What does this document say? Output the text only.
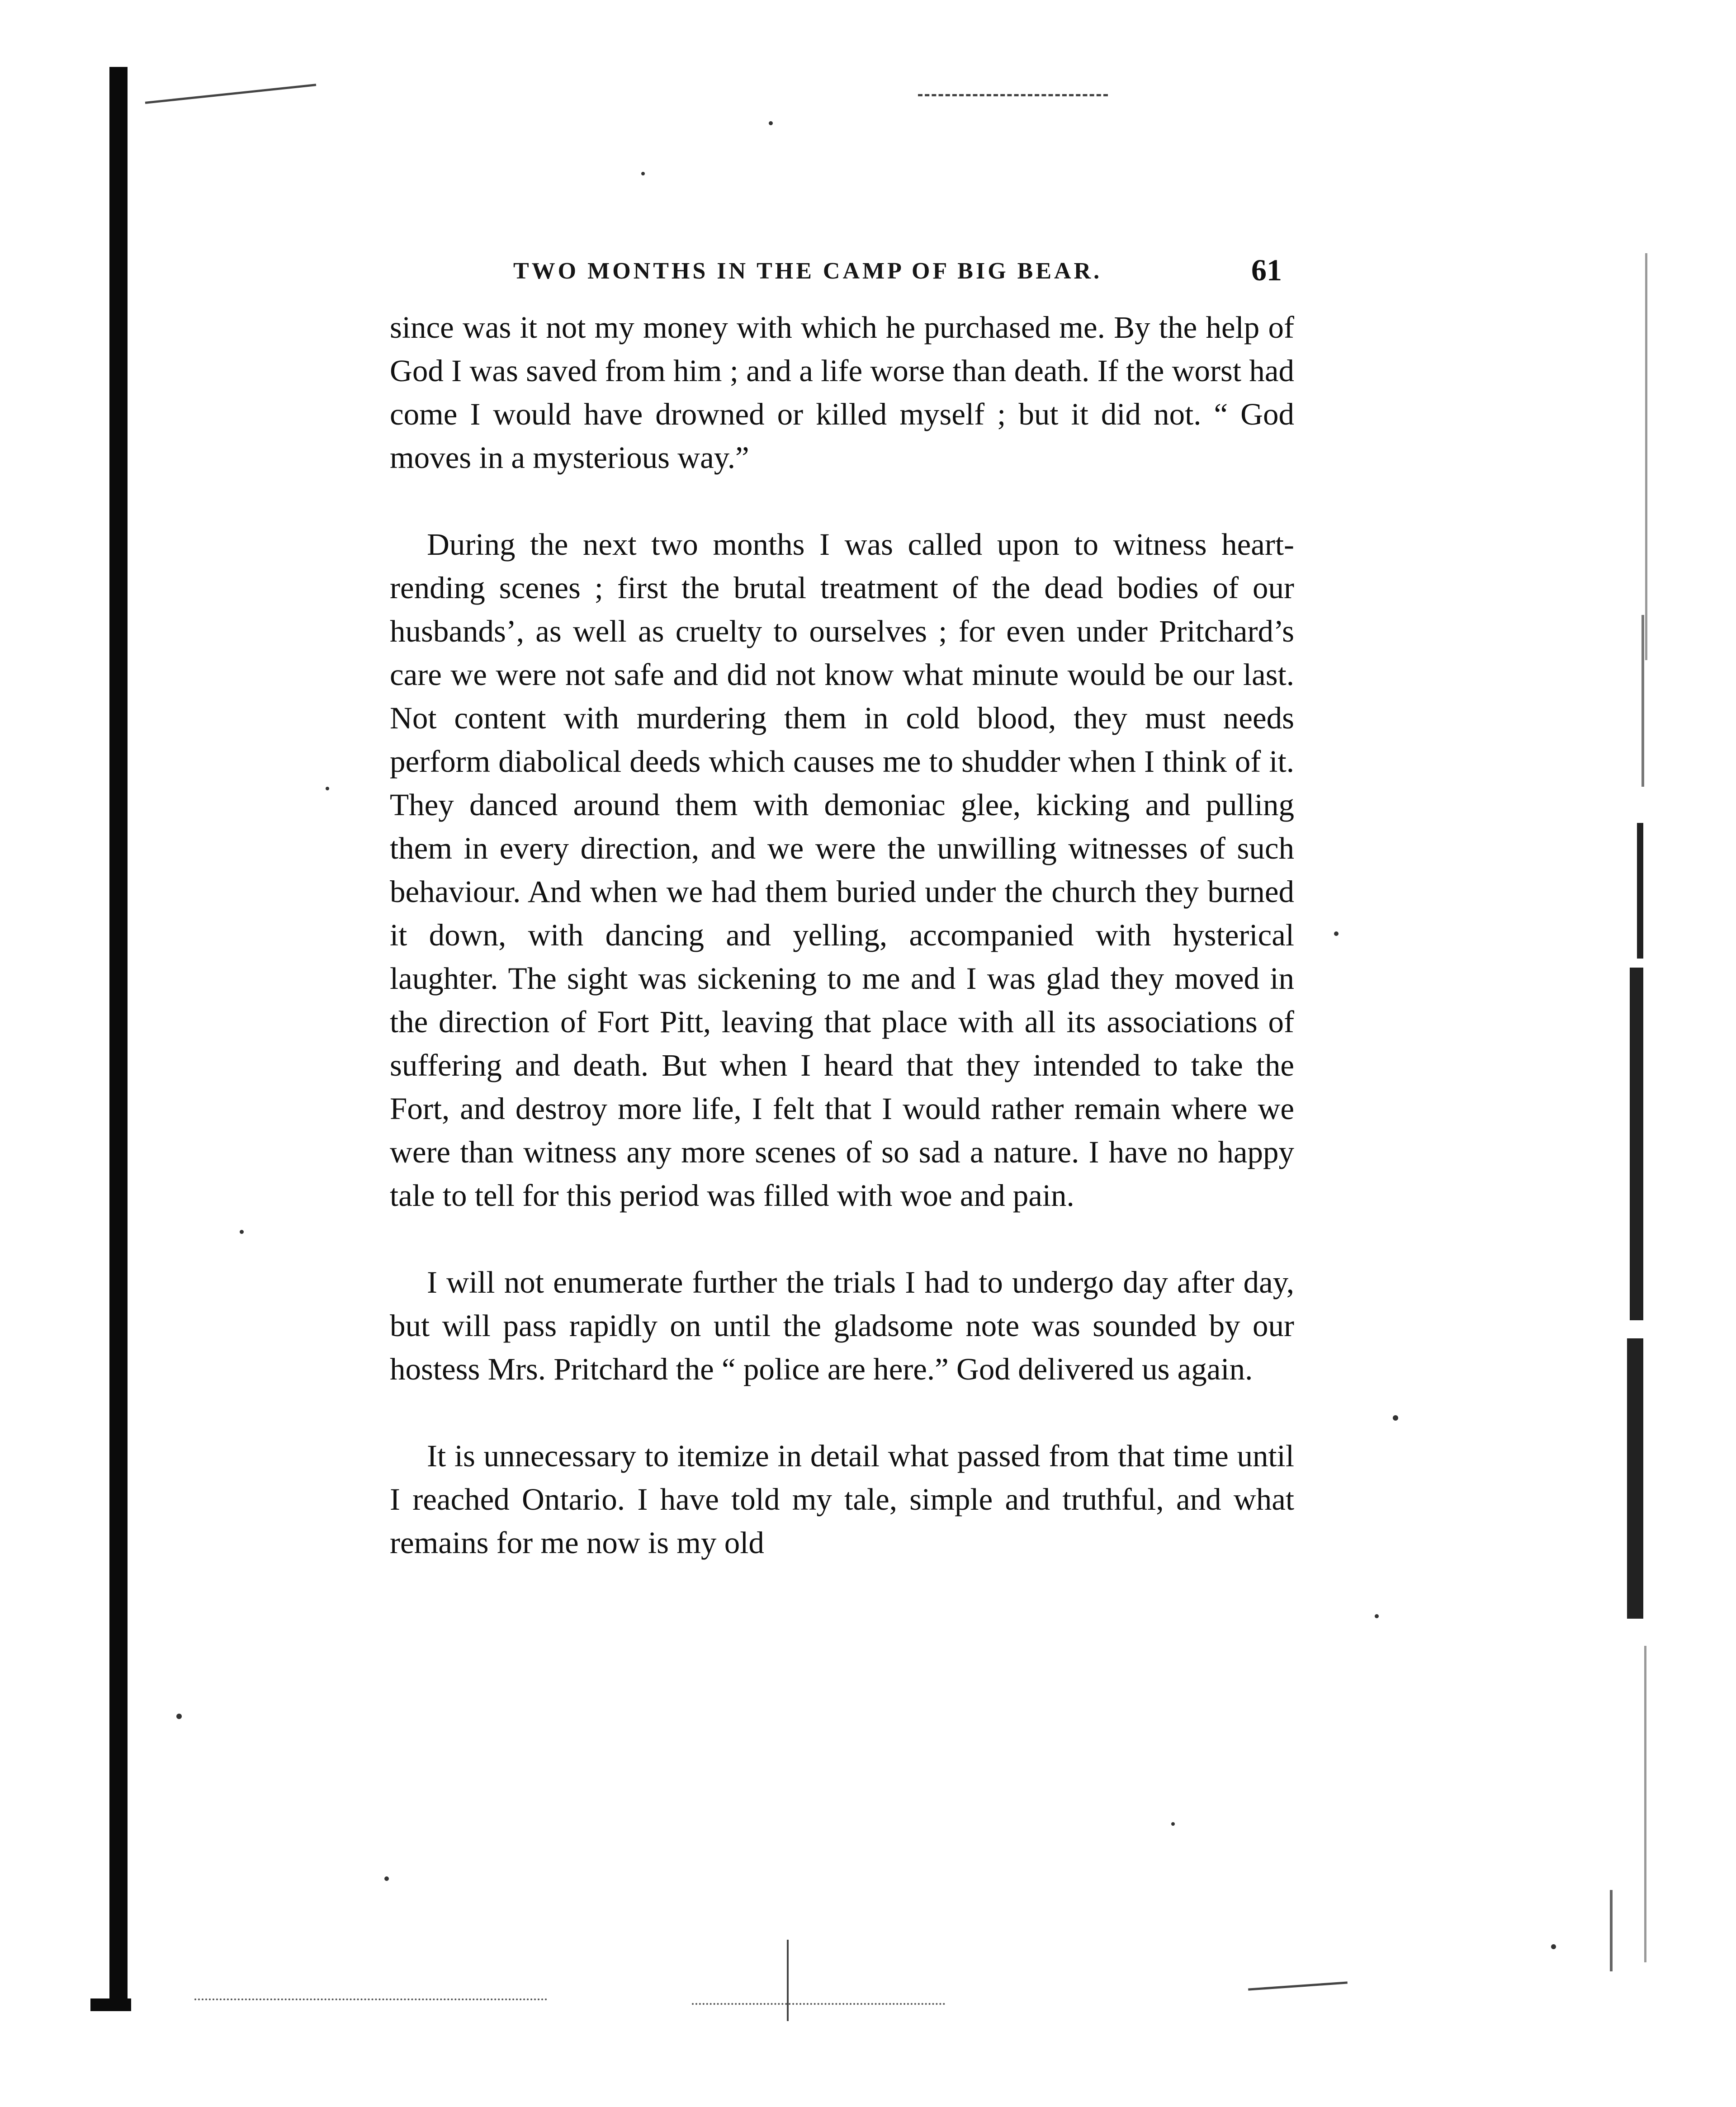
TWO MONTHS IN THE CAMP OF BIG BEAR.	61

since was it not my money with which he purchased me. By the help of God I was saved from him ; and a life worse than death. If the worst had come I would have drowned or killed myself ; but it did not. “ God moves in a mysterious way.”

During the next two months I was called upon to witness heart-rending scenes ; first the brutal treatment of the dead bodies of our husbands’, as well as cruelty to ourselves ; for even under Pritchard’s care we were not safe and did not know what minute would be our last. Not content with murdering them in cold blood, they must needs perform diabolical deeds which causes me to shudder when I think of it. They danced around them with demoniac glee, kicking and pulling them in every direction, and we were the unwilling witnesses of such behaviour. And when we had them buried under the church they burned it down, with dancing and yelling, accompanied with hysterical laughter. The sight was sickening to me and I was glad they moved in the direction of Fort Pitt, leaving that place with all its associations of suffering and death. But when I heard that they intended to take the Fort, and destroy more life, I felt that I would rather remain where we were than witness any more scenes of so sad a nature. I have no happy tale to tell for this period was filled with woe and pain.

I will not enumerate further the trials I had to undergo day after day, but will pass rapidly on until the gladsome note was sounded by our hostess Mrs. Pritchard the “ police are here.” God delivered us again.

It is unnecessary to itemize in detail what passed from that time until I reached Ontario. I have told my tale, simple and truthful, and what remains for me now is my old
